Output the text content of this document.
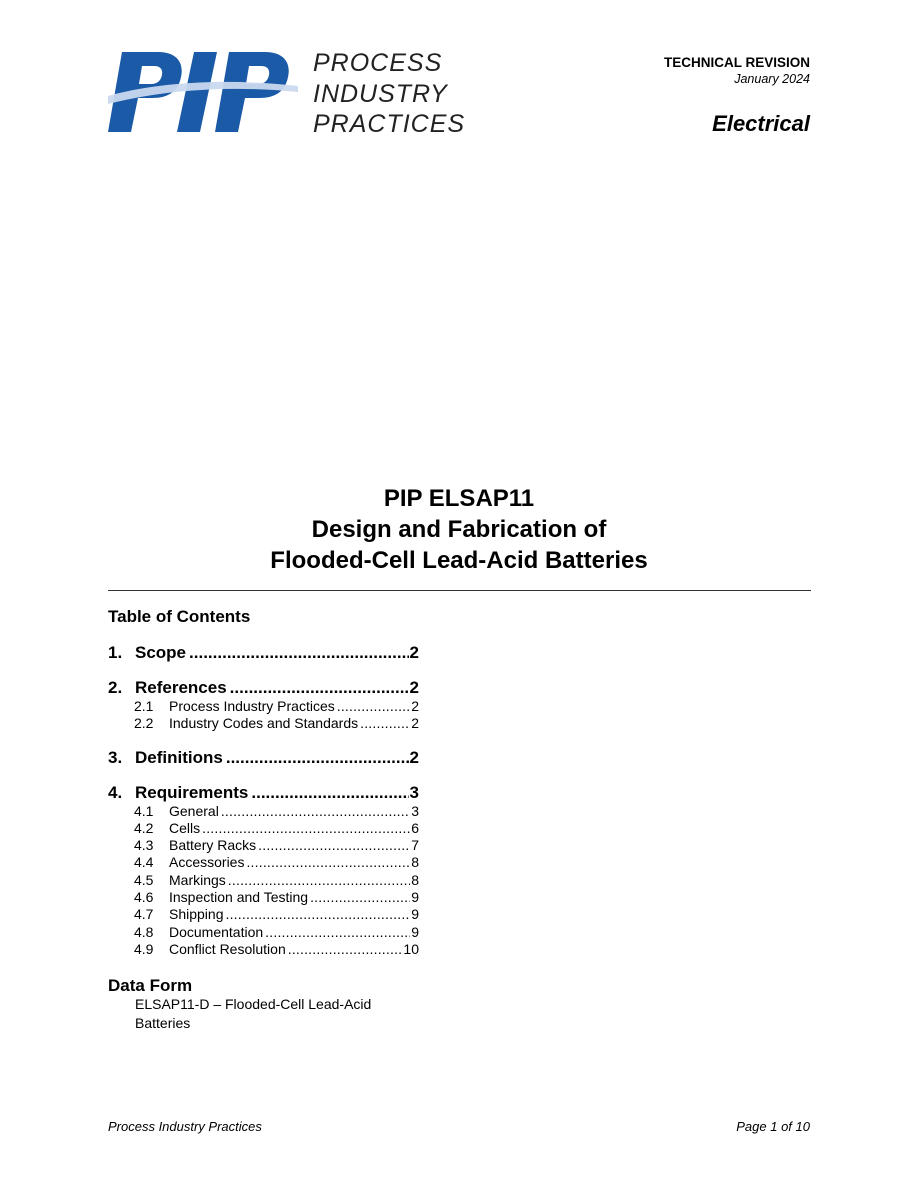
PROCESS
INDUSTRY
PRACTICES
TECHNICAL REVISION
January 2024
Electrical
PIP ELSAP11
Design and Fabrication of
Flooded-Cell Lead-Acid Batteries
Table of Contents
1. Scope .....	2
2. References .....	2
2.1	Process Industry Practices .....	2
2.2	Industry Codes and Standards .....	2
3. Definitions .....	2
4. Requirements .....	3
4.1	General .....	3
4.2	Cells .....	6
4.3	Battery Racks .....	7
4.4	Accessories .....	8
4.5	Markings .....	8
4.6	Inspection and Testing .....	9
4.7	Shipping .....	9
4.8	Documentation .....	9
4.9	Conflict Resolution .....	10
Data Form
ELSAP11-D – Flooded-Cell Lead-Acid Batteries
Process Industry Practices	Page 1 of 10
